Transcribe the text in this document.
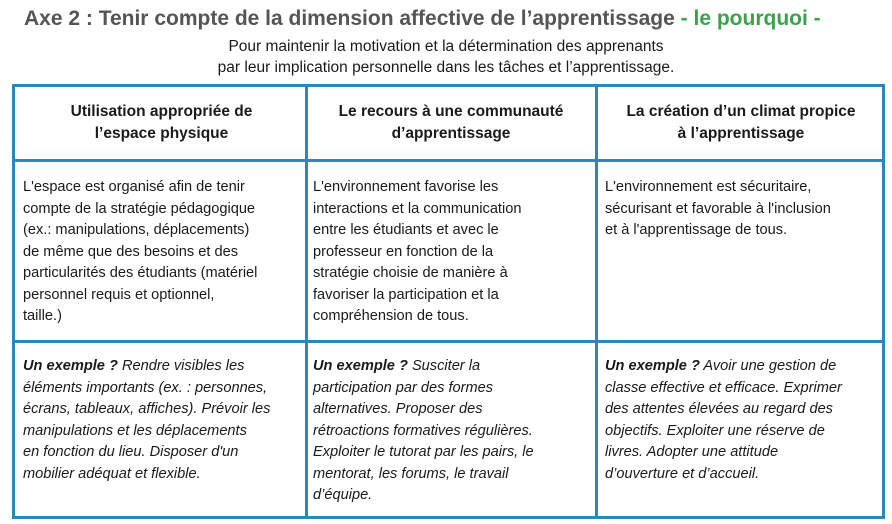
Axe 2 : Tenir compte de la dimension affective de l’apprentissage - le pourquoi -
Pour maintenir la motivation et la détermination des apprenants
par leur implication personnelle dans les tâches et l’apprentissage.
Utilisation appropriée de
l’espace physique
L'espace est organisé afin de tenir
compte de la stratégie pédagogique
(ex.: manipulations, déplacements)
de même que des besoins et des
particularités des étudiants (matériel
personnel requis et optionnel,
taille.)
Un exemple ? Rendre visibles les
éléments importants (ex. : personnes,
écrans, tableaux, affiches). Prévoir les
manipulations et les déplacements
en fonction du lieu. Disposer d'un
mobilier adéquat et flexible.
Le recours à une communauté
d’apprentissage
L'environnement favorise les
interactions et la communication
entre les étudiants et avec le
professeur en fonction de la
stratégie choisie de manière à
favoriser la participation et la
compréhension de tous.
Un exemple ? Susciter la
participation par des formes
alternatives. Proposer des
rétroactions formatives régulières.
Exploiter le tutorat par les pairs, le
mentorat, les forums, le travail
d’équipe.
La création d’un climat propice
à l’apprentissage
L'environnement est sécuritaire,
sécurisant et favorable à l'inclusion
et à l'apprentissage de tous.
Un exemple ? Avoir une gestion de
classe effective et efficace. Exprimer
des attentes élevées au regard des
objectifs. Exploiter une réserve de
livres. Adopter une attitude
d’ouverture et d’accueil.
